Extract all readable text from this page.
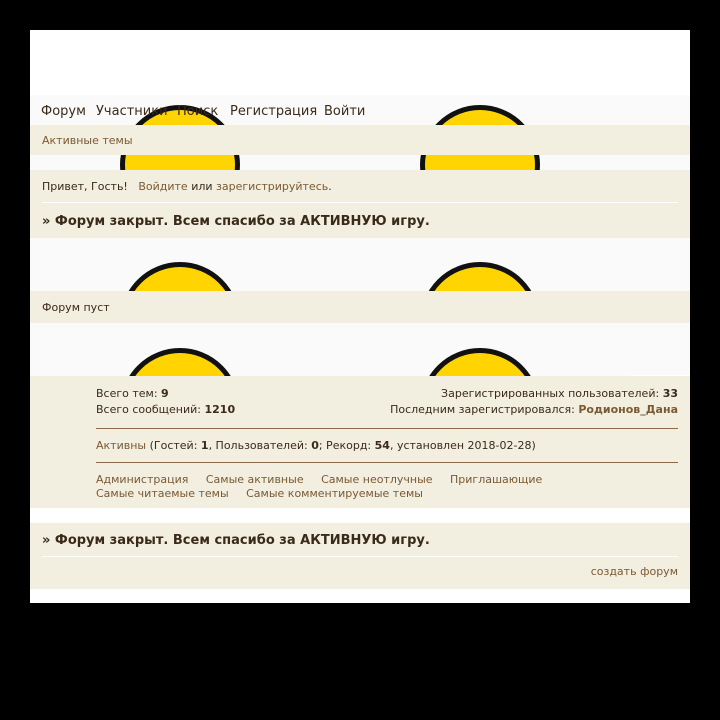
Форум Участники Поиск Регистрация Войти
Активные темы
Привет, Гость! Войдите или зарегистрируйтесь.
» Форум закрыт. Всем спасибо за АКТИВНУЮ игру.
Форум пуст
Всего тем: 9
Всего сообщений: 1210
Зарегистрированных пользователей: 33
Последним зарегистрировался: Родионов_Дана
Активны (Гостей: 1, Пользователей: 0; Рекорд: 54, установлен 2018-02-28)
Администрация Самые активные Самые неотлучные Приглашающие
Самые читаемые темы Самые комментируемые темы
» Форум закрыт. Всем спасибо за АКТИВНУЮ игру.
создать форум
